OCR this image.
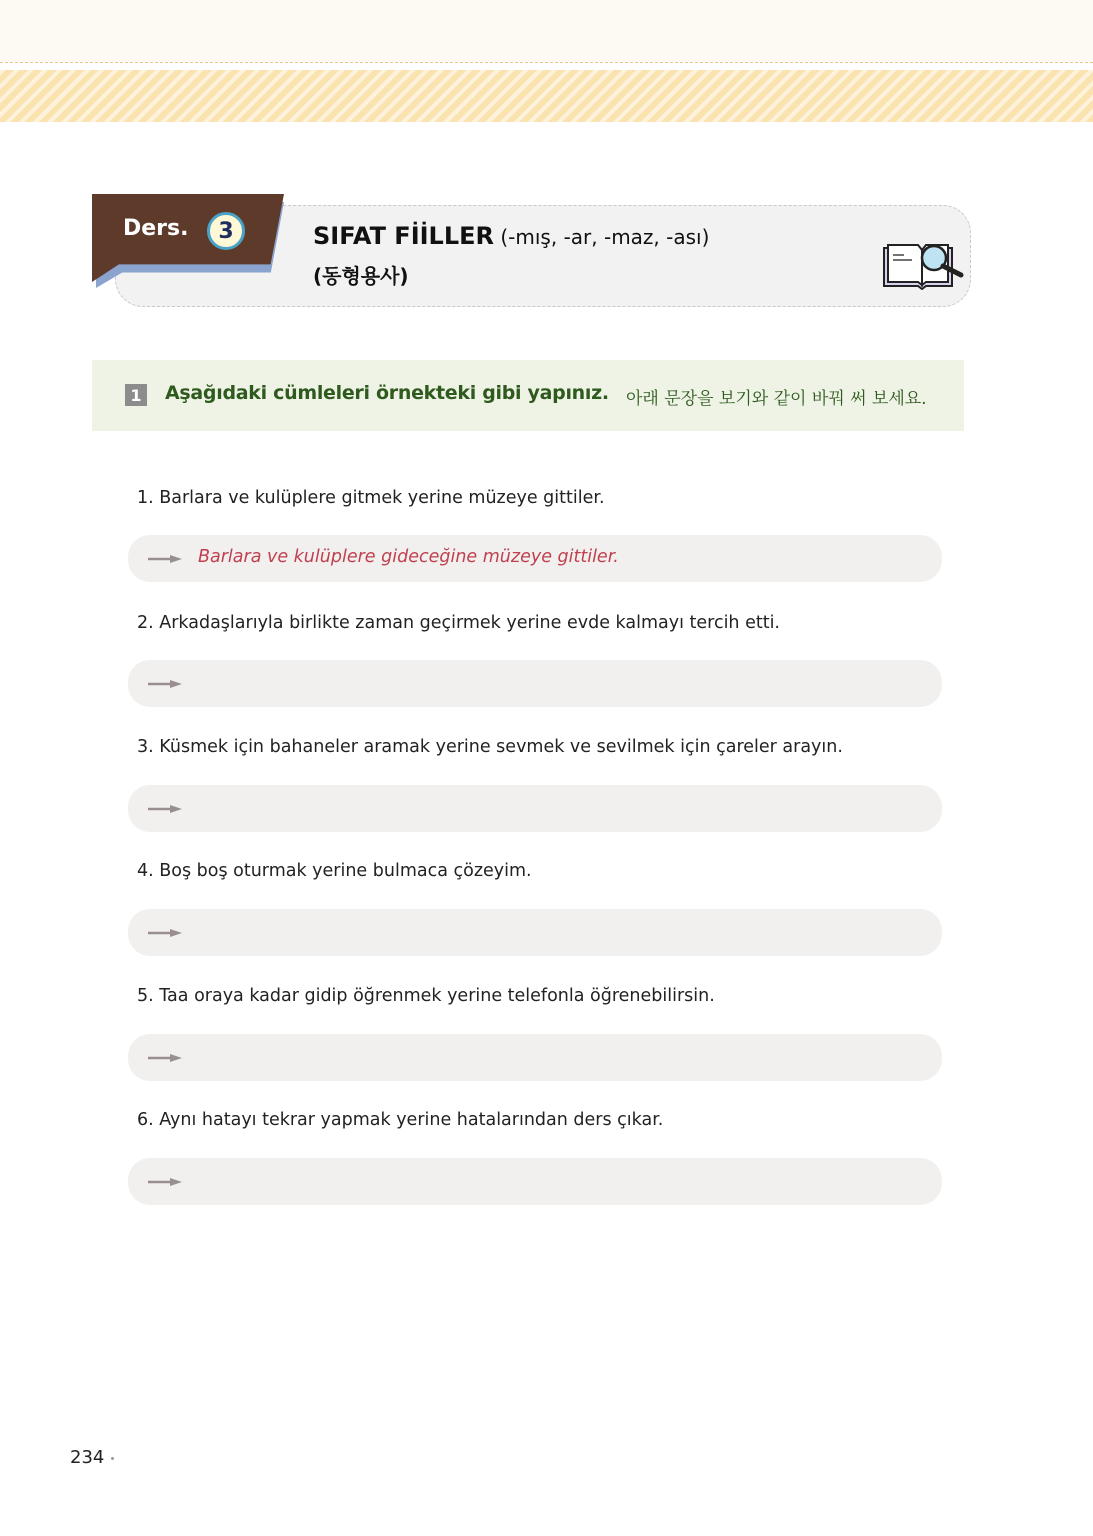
Ders.	3	SIFAT FİİLLER (-mış, -ar, -maz, -ası)
(동형용사)
1 Aşağıdaki cümleleri örnekteki gibi yapınız. 아래 문장을 보기와 같이 바꿔 써 보세요.
1. Barlara ve kulüplere gitmek yerine müzeye gittiler.
Barlara ve kulüplere gideceğine müzeye gittiler.
2. Arkadaşlarıyla birlikte zaman geçirmek yerine evde kalmayı tercih etti.
3. Küsmek için bahaneler aramak yerine sevmek ve sevilmek için çareler arayın.
4. Boş boş oturmak yerine bulmaca çözeyim.
5. Taa oraya kadar gidip öğrenmek yerine telefonla öğrenebilirsin.
6. Aynı hatayı tekrar yapmak yerine hatalarından ders çıkar.
234
